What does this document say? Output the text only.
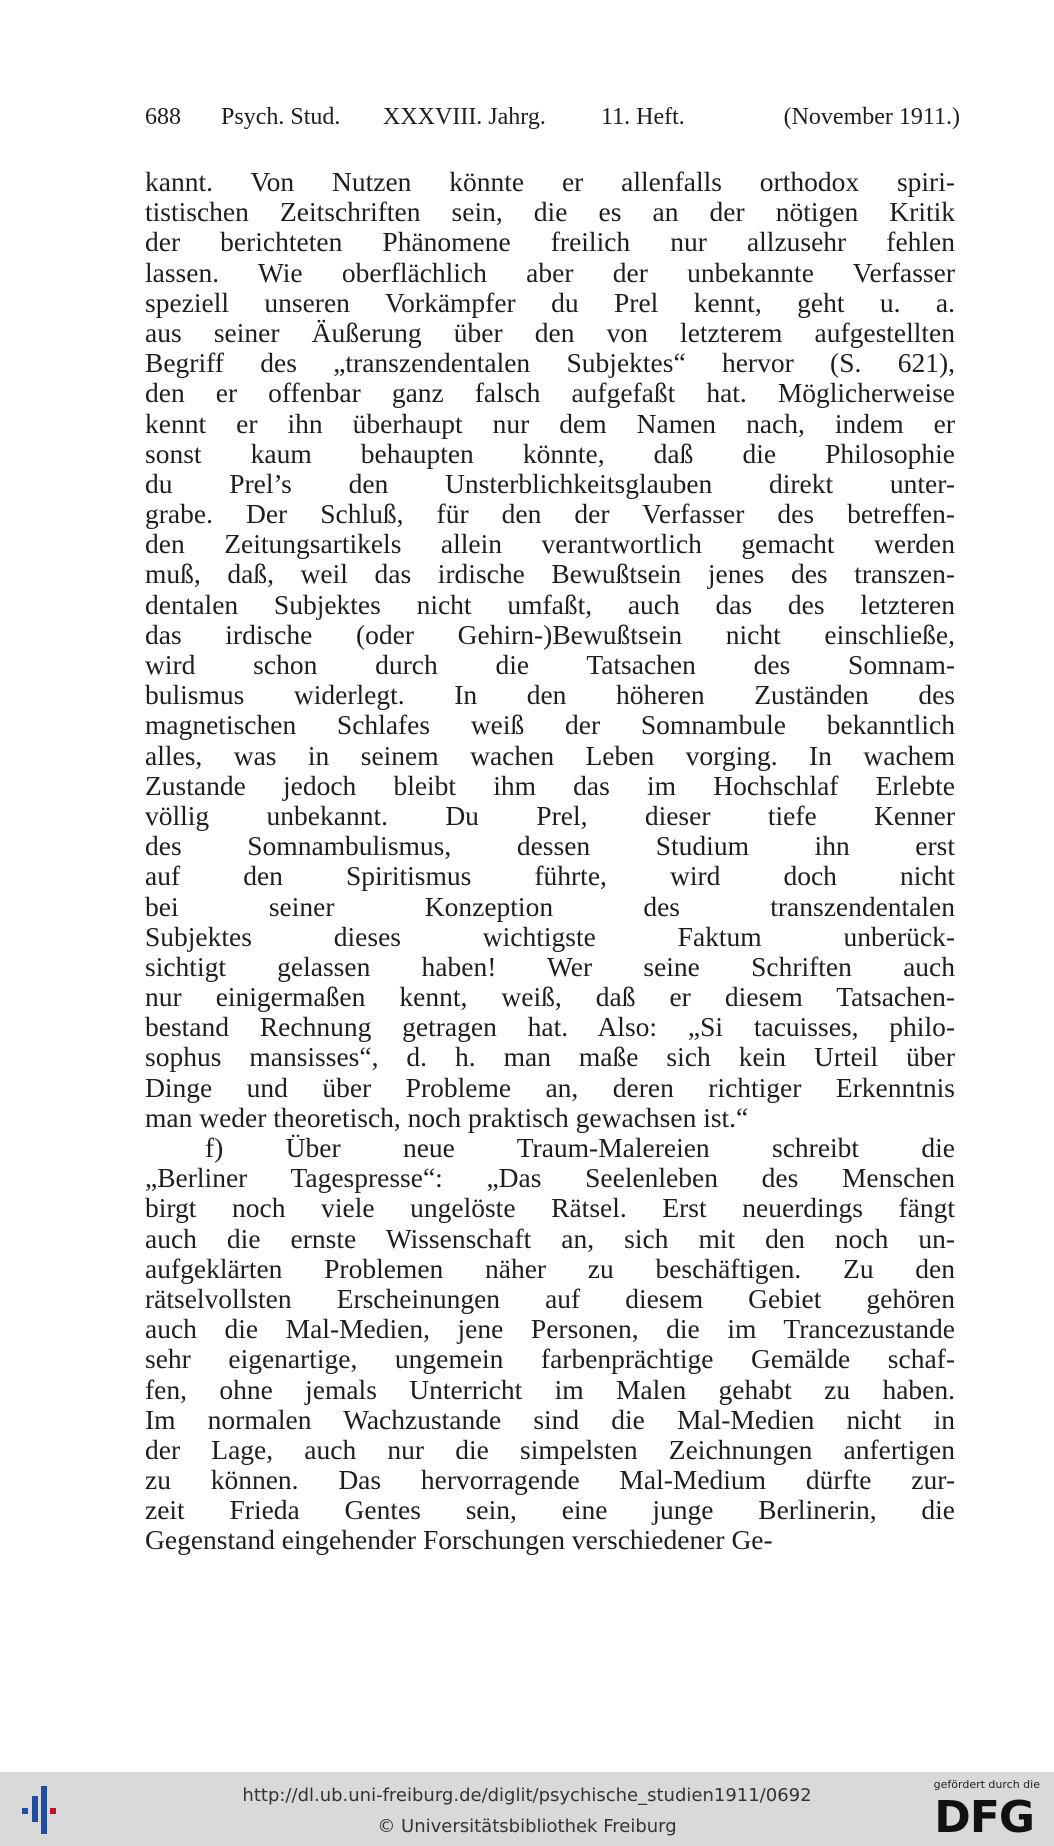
688	Psych. Stud.	XXXVIII. Jahrg.	11. Heft.	(November 1911.)
kannt. Von Nutzen könnte er allenfalls orthodox spiri-
tistischen Zeitschriften sein, die es an der nötigen Kritik
der berichteten Phänomene freilich nur allzusehr fehlen
lassen. Wie oberflächlich aber der unbekannte Verfasser
speziell unseren Vorkämpfer du Prel kennt, geht u. a.
aus seiner Äußerung über den von letzterem aufgestellten
Begriff des „transzendentalen Subjektes“ hervor (S. 621),
den er offenbar ganz falsch aufgefaßt hat. Möglicherweise
kennt er ihn überhaupt nur dem Namen nach, indem er
sonst kaum behaupten könnte, daß die Philosophie
du Prel’s den Unsterblichkeitsglauben direkt unter-
grabe. Der Schluß, für den der Verfasser des betreffen-
den Zeitungsartikels allein verantwortlich gemacht werden
muß, daß, weil das irdische Bewußtsein jenes des transzen-
dentalen Subjektes nicht umfaßt, auch das des letzteren
das irdische (oder Gehirn-)Bewußtsein nicht einschließe,
wird schon durch die Tatsachen des Somnam-
bulismus widerlegt. In den höheren Zuständen des
magnetischen Schlafes weiß der Somnambule bekanntlich
alles, was in seinem wachen Leben vorging. In wachem
Zustande jedoch bleibt ihm das im Hochschlaf Erlebte
völlig unbekannt. Du Prel, dieser tiefe Kenner
des Somnambulismus, dessen Studium ihn erst
auf den Spiritismus führte, wird doch nicht
bei seiner Konzeption des transzendentalen
Subjektes dieses wichtigste Faktum unberück-
sichtigt gelassen haben! Wer seine Schriften auch
nur einigermaßen kennt, weiß, daß er diesem Tatsachen-
bestand Rechnung getragen hat. Also: „Si tacuisses, philo-
sophus mansisses“, d. h. man maße sich kein Urteil über
Dinge und über Probleme an, deren richtiger Erkenntnis
man weder theoretisch, noch praktisch gewachsen ist.“
f) Über neue Traum-Malereien schreibt die
„Berliner Tagespresse“: „Das Seelenleben des Menschen
birgt noch viele ungelöste Rätsel. Erst neuerdings fängt
auch die ernste Wissenschaft an, sich mit den noch un-
aufgeklärten Problemen näher zu beschäftigen. Zu den
rätselvollsten Erscheinungen auf diesem Gebiet gehören
auch die Mal-Medien, jene Personen, die im Trancezustande
sehr eigenartige, ungemein farbenprächtige Gemälde schaf-
fen, ohne jemals Unterricht im Malen gehabt zu haben.
Im normalen Wachzustande sind die Mal-Medien nicht in
der Lage, auch nur die simpelsten Zeichnungen anfertigen
zu können. Das hervorragende Mal-Medium dürfte zur-
zeit Frieda Gentes sein, eine junge Berlinerin, die
Gegenstand eingehender Forschungen verschiedener Ge-
http://dl.ub.uni-freiburg.de/diglit/psychische_studien1911/0692
© Universitätsbibliothek Freiburg
gefördert durch die
DFG
